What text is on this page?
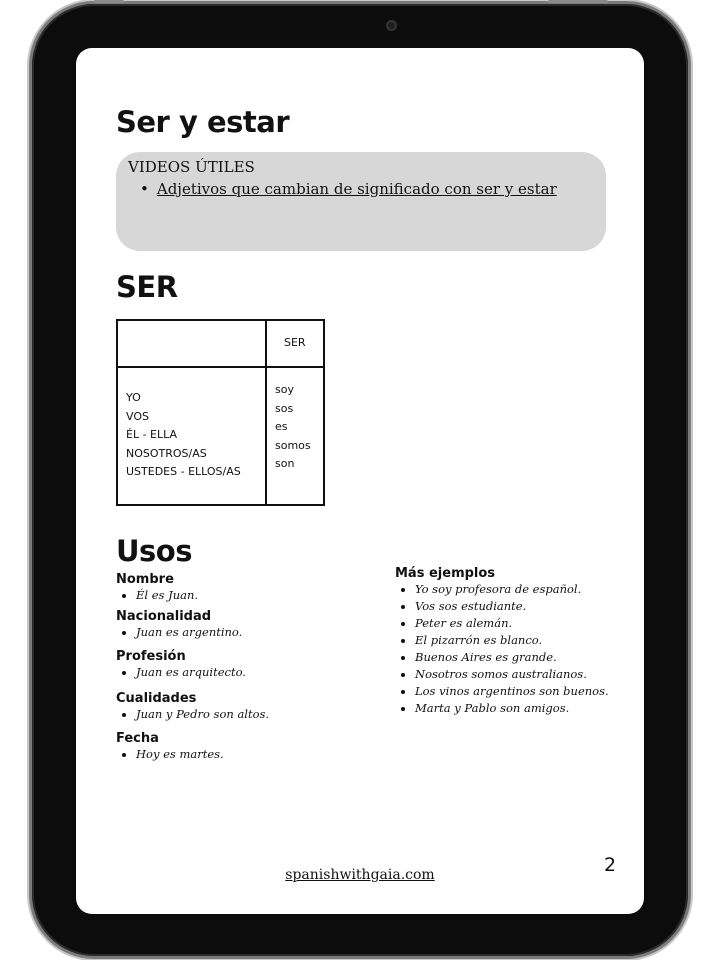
Ser y estar
VIDEOS ÚTILES
• Adjetivos que cambian de significado con ser y estar
SER
SER
YO
VOS
ÉL - ELLA
NOSOTROS/AS
USTEDES - ELLOS/AS
soy
sos
es
somos
son
Usos
Nombre
• Él es Juan.
Nacionalidad
• Juan es argentino.
Profesión
• Juan es arquitecto.
Cualidades
• Juan y Pedro son altos.
Fecha
• Hoy es martes.
Más ejemplos
• Yo soy profesora de español.
• Vos sos estudiante.
• Peter es alemán.
• El pizarrón es blanco.
• Buenos Aires es grande.
• Nosotros somos australianos.
• Los vinos argentinos son buenos.
• Marta y Pablo son amigos.
spanishwithgaia.com	2
